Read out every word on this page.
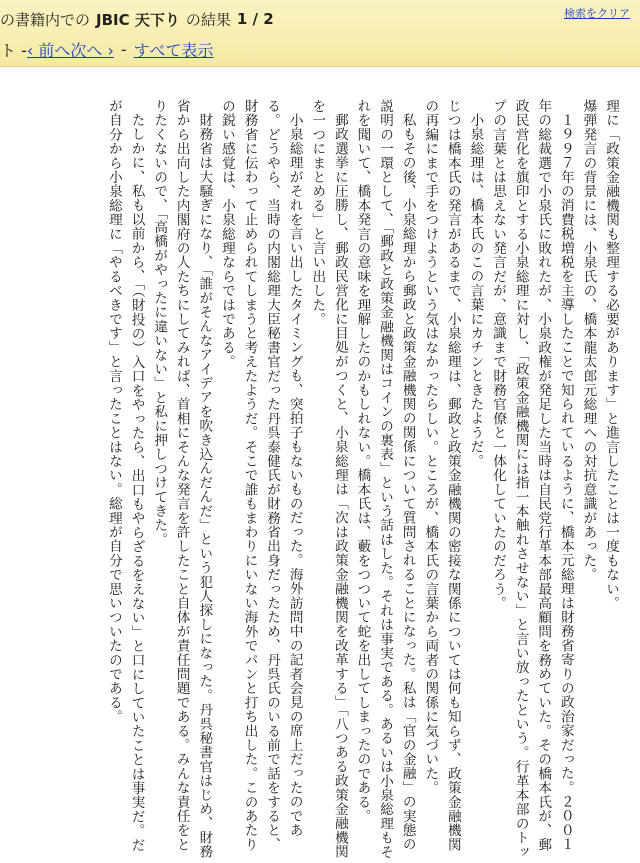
の書籍内での JBIC 天下り の結果 1 / 2	検索をクリア
ト - ‹ 前へ 次へ › - すべて表示

理に「政策金融機関も整理する必要があります」と進言したことは一度もない。

爆弾発言の背景には、小泉氏の、橋本龍太郎元総理への対抗意識があった。

１９９７年の消費税増税を主導したことで知られているように、橋本元総理は財務省寄りの政治家だった。２００１年の総裁選で小泉氏に敗れたが、小泉政権が発足した当時は自民党行革本部最高顧問を務めていた。その橋本氏が、郵政民営化を旗印とする小泉総理に対し、「政策金融機関には指一本触れさせない」と言い放ったという。行革本部のトップの言葉とは思えない発言だが、意識まで財務官僚と一体化していたのだろう。

小泉総理は、橋本氏のこの言葉にカチンときたようだ。

じつは橋本氏の発言があるまで、小泉総理は、郵政と政策金融機関の密接な関係については何も知らず、政策金融機関の再編にまで手をつけようという気はなかったらしい。ところが、橋本氏の言葉から両者の関係に気づいた。

私もその後、小泉総理から郵政と政策金融機関の関係について質問されることになった。私は「官の金融」の実態の説明の一環として、「郵政と政策金融機関はコインの裏表」という話はした。それは事実である。あるいは小泉総理もそれを聞いて、橋本発言の意味を理解したのかもしれない。橋本氏は、藪をつついて蛇を出してしまったのである。

郵政選挙に圧勝し、郵政民営化に目処がつくと、小泉総理は「次は政策金融機関を改革する」「八つある政策金融機関を一つにまとめる」と言い出した。

小泉総理がそれを言い出したタイミングも、突拍子もないものだった。海外訪問中の記者会見の席上だったのである。どうやら、当時の内閣総理大臣秘書官だった丹呉泰健氏が財務省出身だったため、丹呉氏のいる前で話をすると、財務省に伝わって止められてしまうと考えたようだ。そこで誰もまわりにいない海外でパンと打ち出した。このあたりの鋭い感覚は、小泉総理ならではである。

財務省は大騒ぎになり、「誰がそんなアイデアを吹き込んだんだ」という犯人探しになった。丹呉秘書官はじめ、財務省から出向した内閣府の人たちにしてみれば、首相にそんな発言を許したこと自体が責任問題である。みんな責任をとりたくないので、「高橋がやったに違いない」と私に押しつけてきた。

たしかに、私も以前から、「（財投の）入口をやったら、出口もやらざるをえない」と口にしていたことは事実だ。だが自分から小泉総理に「やるべきです」と言ったことはない。総理が自分で思いついたのである。
